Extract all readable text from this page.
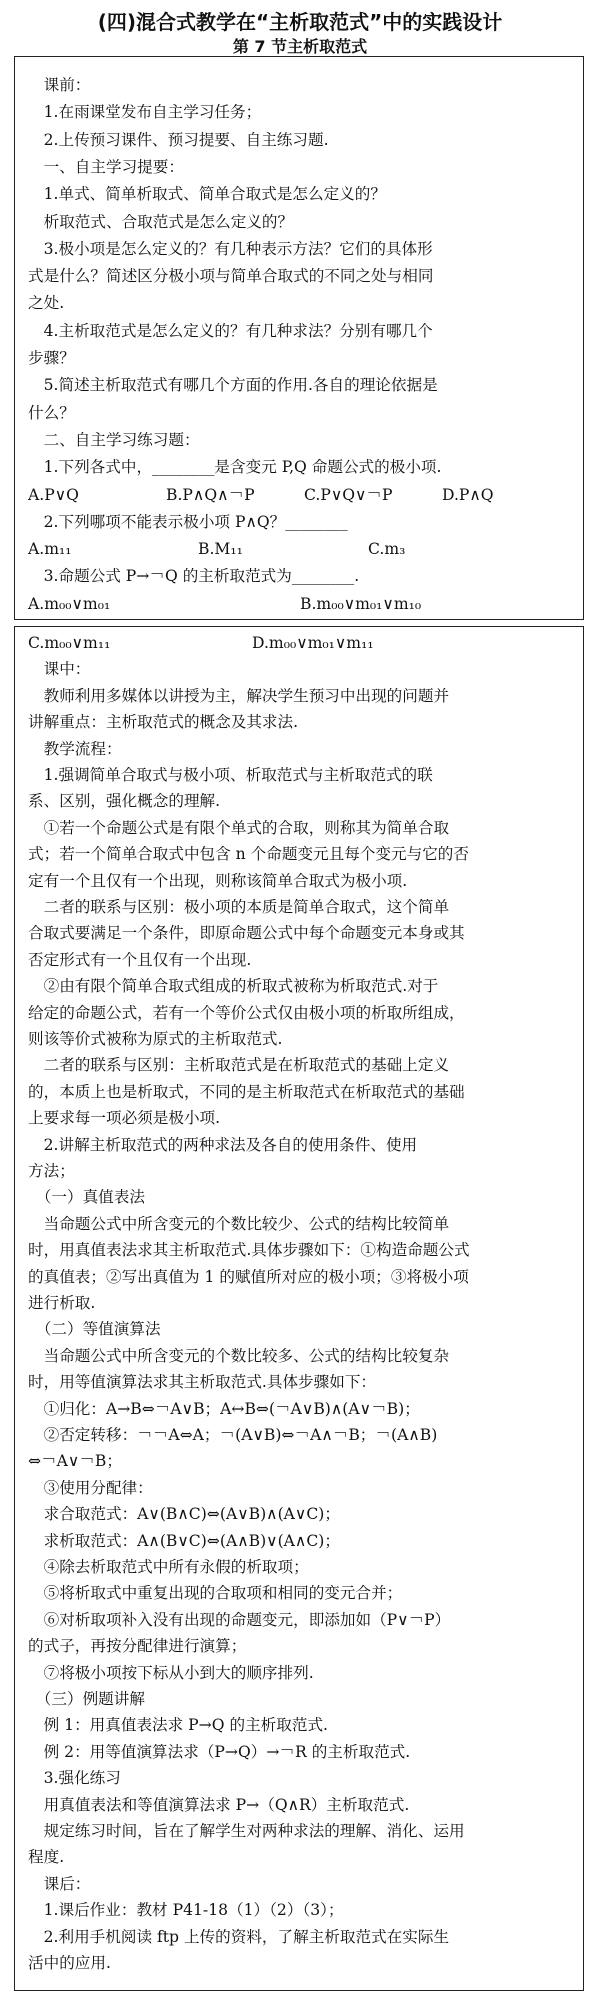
(四)混合式教学在“主析取范式”中的实践设计
第 7 节主析取范式
　课前：
　1.在雨课堂发布自主学习任务；
　2.上传预习课件、预习提要、自主练习题.
　一、自主学习提要：
　1.单式、简单析取式、简单合取式是怎么定义的？
　析取范式、合取范式是怎么定义的？
　3.极小项是怎么定义的？有几种表示方法？它们的具体形
式是什么？简述区分极小项与简单合取式的不同之处与相同
之处.
　4.主析取范式是怎么定义的？有几种求法？分别有哪几个
步骤？
　5.简述主析取范式有哪几个方面的作用.各自的理论依据是
什么？
　二、自主学习练习题：
　1.下列各式中，________是含变元 P,Q 命题公式的极小项.
A.P∨Q	B.P∧Q∧￢P	C.P∨Q∨￢P	D.P∧Q
　2.下列哪项不能表示极小项 P∧Q？________
A.m₁₁	B.M₁₁	C.m₃
　3.命题公式 P→￢Q 的主析取范式为________.
A.m₀₀∨m₀₁	B.m₀₀∨m₀₁∨m₁₀
C.m₀₀∨m₁₁	D.m₀₀∨m₀₁∨m₁₁
　课中：
　教师利用多媒体以讲授为主，解决学生预习中出现的问题并
讲解重点：主析取范式的概念及其求法.
　教学流程：
　1.强调简单合取式与极小项、析取范式与主析取范式的联
系、区别，强化概念的理解.
　①若一个命题公式是有限个单式的合取，则称其为简单合取
式；若一个简单合取式中包含 n 个命题变元且每个变元与它的否
定有一个且仅有一个出现，则称该简单合取式为极小项.
　二者的联系与区别：极小项的本质是简单合取式，这个简单
合取式要满足一个条件，即原命题公式中每个命题变元本身或其
否定形式有一个且仅有一个出现.
　②由有限个简单合取式组成的析取式被称为析取范式.对于
给定的命题公式，若有一个等价公式仅由极小项的析取所组成，
则该等价式被称为原式的主析取范式.
　二者的联系与区别：主析取范式是在析取范式的基础上定义
的，本质上也是析取式，不同的是主析取范式在析取范式的基础
上要求每一项必须是极小项.
　2.讲解主析取范式的两种求法及各自的使用条件、使用
方法；
　（一）真值表法
　当命题公式中所含变元的个数比较少、公式的结构比较简单
时，用真值表法求其主析取范式.具体步骤如下：①构造命题公式
的真值表；②写出真值为 1 的赋值所对应的极小项；③将极小项
进行析取.
　（二）等值演算法
　当命题公式中所含变元的个数比较多、公式的结构比较复杂
时，用等值演算法求其主析取范式.具体步骤如下：
　①归化：A→B⇔￢A∨B；A↔B⇔(￢A∨B)∧(A∨￢B)；
　②否定转移：￢￢A⇔A；￢(A∨B)⇔￢A∧￢B；￢(A∧B)
⇔￢A∨￢B；
　③使用分配律：
　求合取范式：A∨(B∧C)⇔(A∨B)∧(A∨C)；
　求析取范式：A∧(B∨C)⇔(A∧B)∨(A∧C)；
　④除去析取范式中所有永假的析取项；
　⑤将析取式中重复出现的合取项和相同的变元合并；
　⑥对析取项补入没有出现的命题变元，即添加如（P∨￢P）
的式子，再按分配律进行演算；
　⑦将极小项按下标从小到大的顺序排列.
　（三）例题讲解
　例 1：用真值表法求 P→Q 的主析取范式.
　例 2：用等值演算法求（P→Q）→￢R 的主析取范式.
　3.强化练习
　用真值表法和等值演算法求 P→（Q∧R）主析取范式.
　规定练习时间，旨在了解学生对两种求法的理解、消化、运用
程度.
　课后：
　1.课后作业：教材 P41-18（1）（2）（3）；
　2.利用手机阅读 ftp 上传的资料，了解主析取范式在实际生
活中的应用.
